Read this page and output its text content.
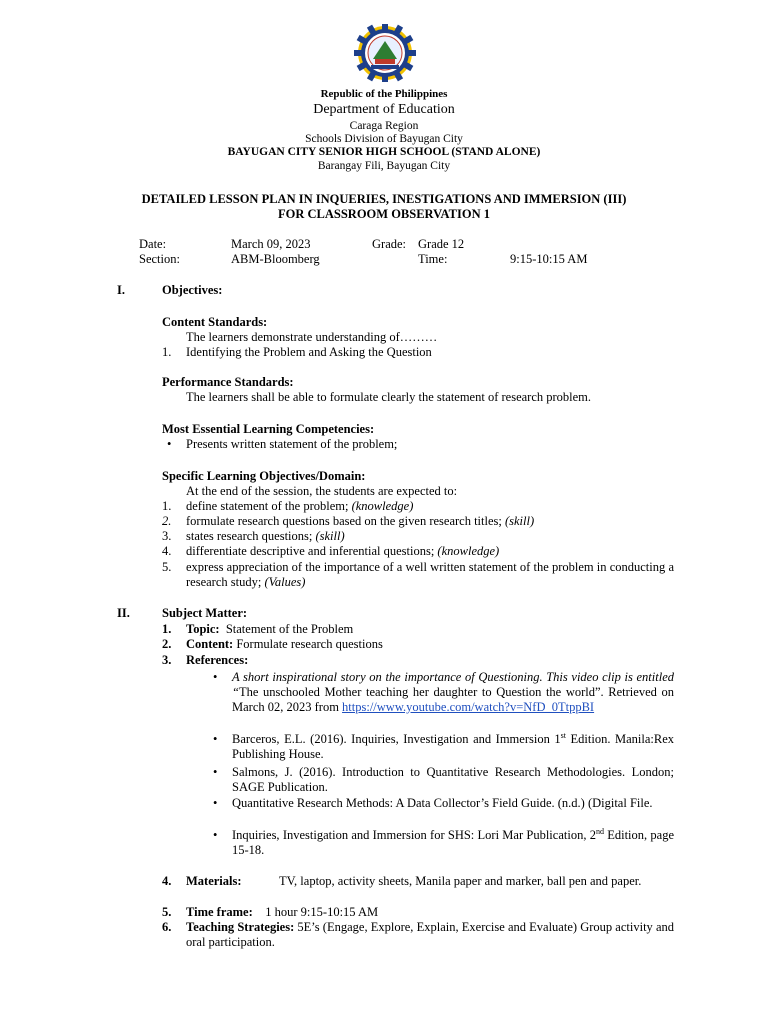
Republic of the Philippines
Department of Education
Caraga Region
Schools Division of Bayugan City
BAYUGAN CITY SENIOR HIGH SCHOOL (STAND ALONE)
Barangay Fili, Bayugan City
DETAILED LESSON PLAN IN INQUERIES, INESTIGATIONS AND IMMERSION (III)
FOR CLASSROOM OBSERVATION 1
Date:	March 09, 2023	Grade: Grade 12
Section:	ABM-Bloomberg	Time:	9:15-10:15 AM
I.	Objectives:
Content Standards:
The learners demonstrate understanding of………
1. Identifying the Problem and Asking the Question
Performance Standards:
The learners shall be able to formulate clearly the statement of research problem.
Most Essential Learning Competencies:
• Presents written statement of the problem;
Specific Learning Objectives/Domain:
At the end of the session, the students are expected to:
1. define statement of the problem; (knowledge)
2. formulate research questions based on the given research titles; (skill)
3. states research questions; (skill)
4. differentiate descriptive and inferential questions; (knowledge)
5. express appreciation of the importance of a well written statement of the problem in conducting a research study; (Values)
II.	Subject Matter:
1. Topic: Statement of the Problem
2. Content: Formulate research questions
3. References:
• A short inspirational story on the importance of Questioning. This video clip is entitled “The unschooled Mother teaching her daughter to Question the world”. Retrieved on March 02, 2023 from https://www.youtube.com/watch?v=NfD_0TtppBI
• Barceros, E.L. (2016). Inquiries, Investigation and Immersion 1st Edition. Manila:Rex Publishing House.
• Salmons, J. (2016). Introduction to Quantitative Research Methodologies. London; SAGE Publication.
• Quantitative Research Methods: A Data Collector’s Field Guide. (n.d.) (Digital File.
• Inquiries, Investigation and Immersion for SHS: Lori Mar Publication, 2nd Edition, page 15-18.
4. Materials:	TV, laptop, activity sheets, Manila paper and marker, ball pen and paper.
5. Time frame: 1 hour 9:15-10:15 AM
6. Teaching Strategies: 5E’s (Engage, Explore, Explain, Exercise and Evaluate) Group activity and oral participation.
